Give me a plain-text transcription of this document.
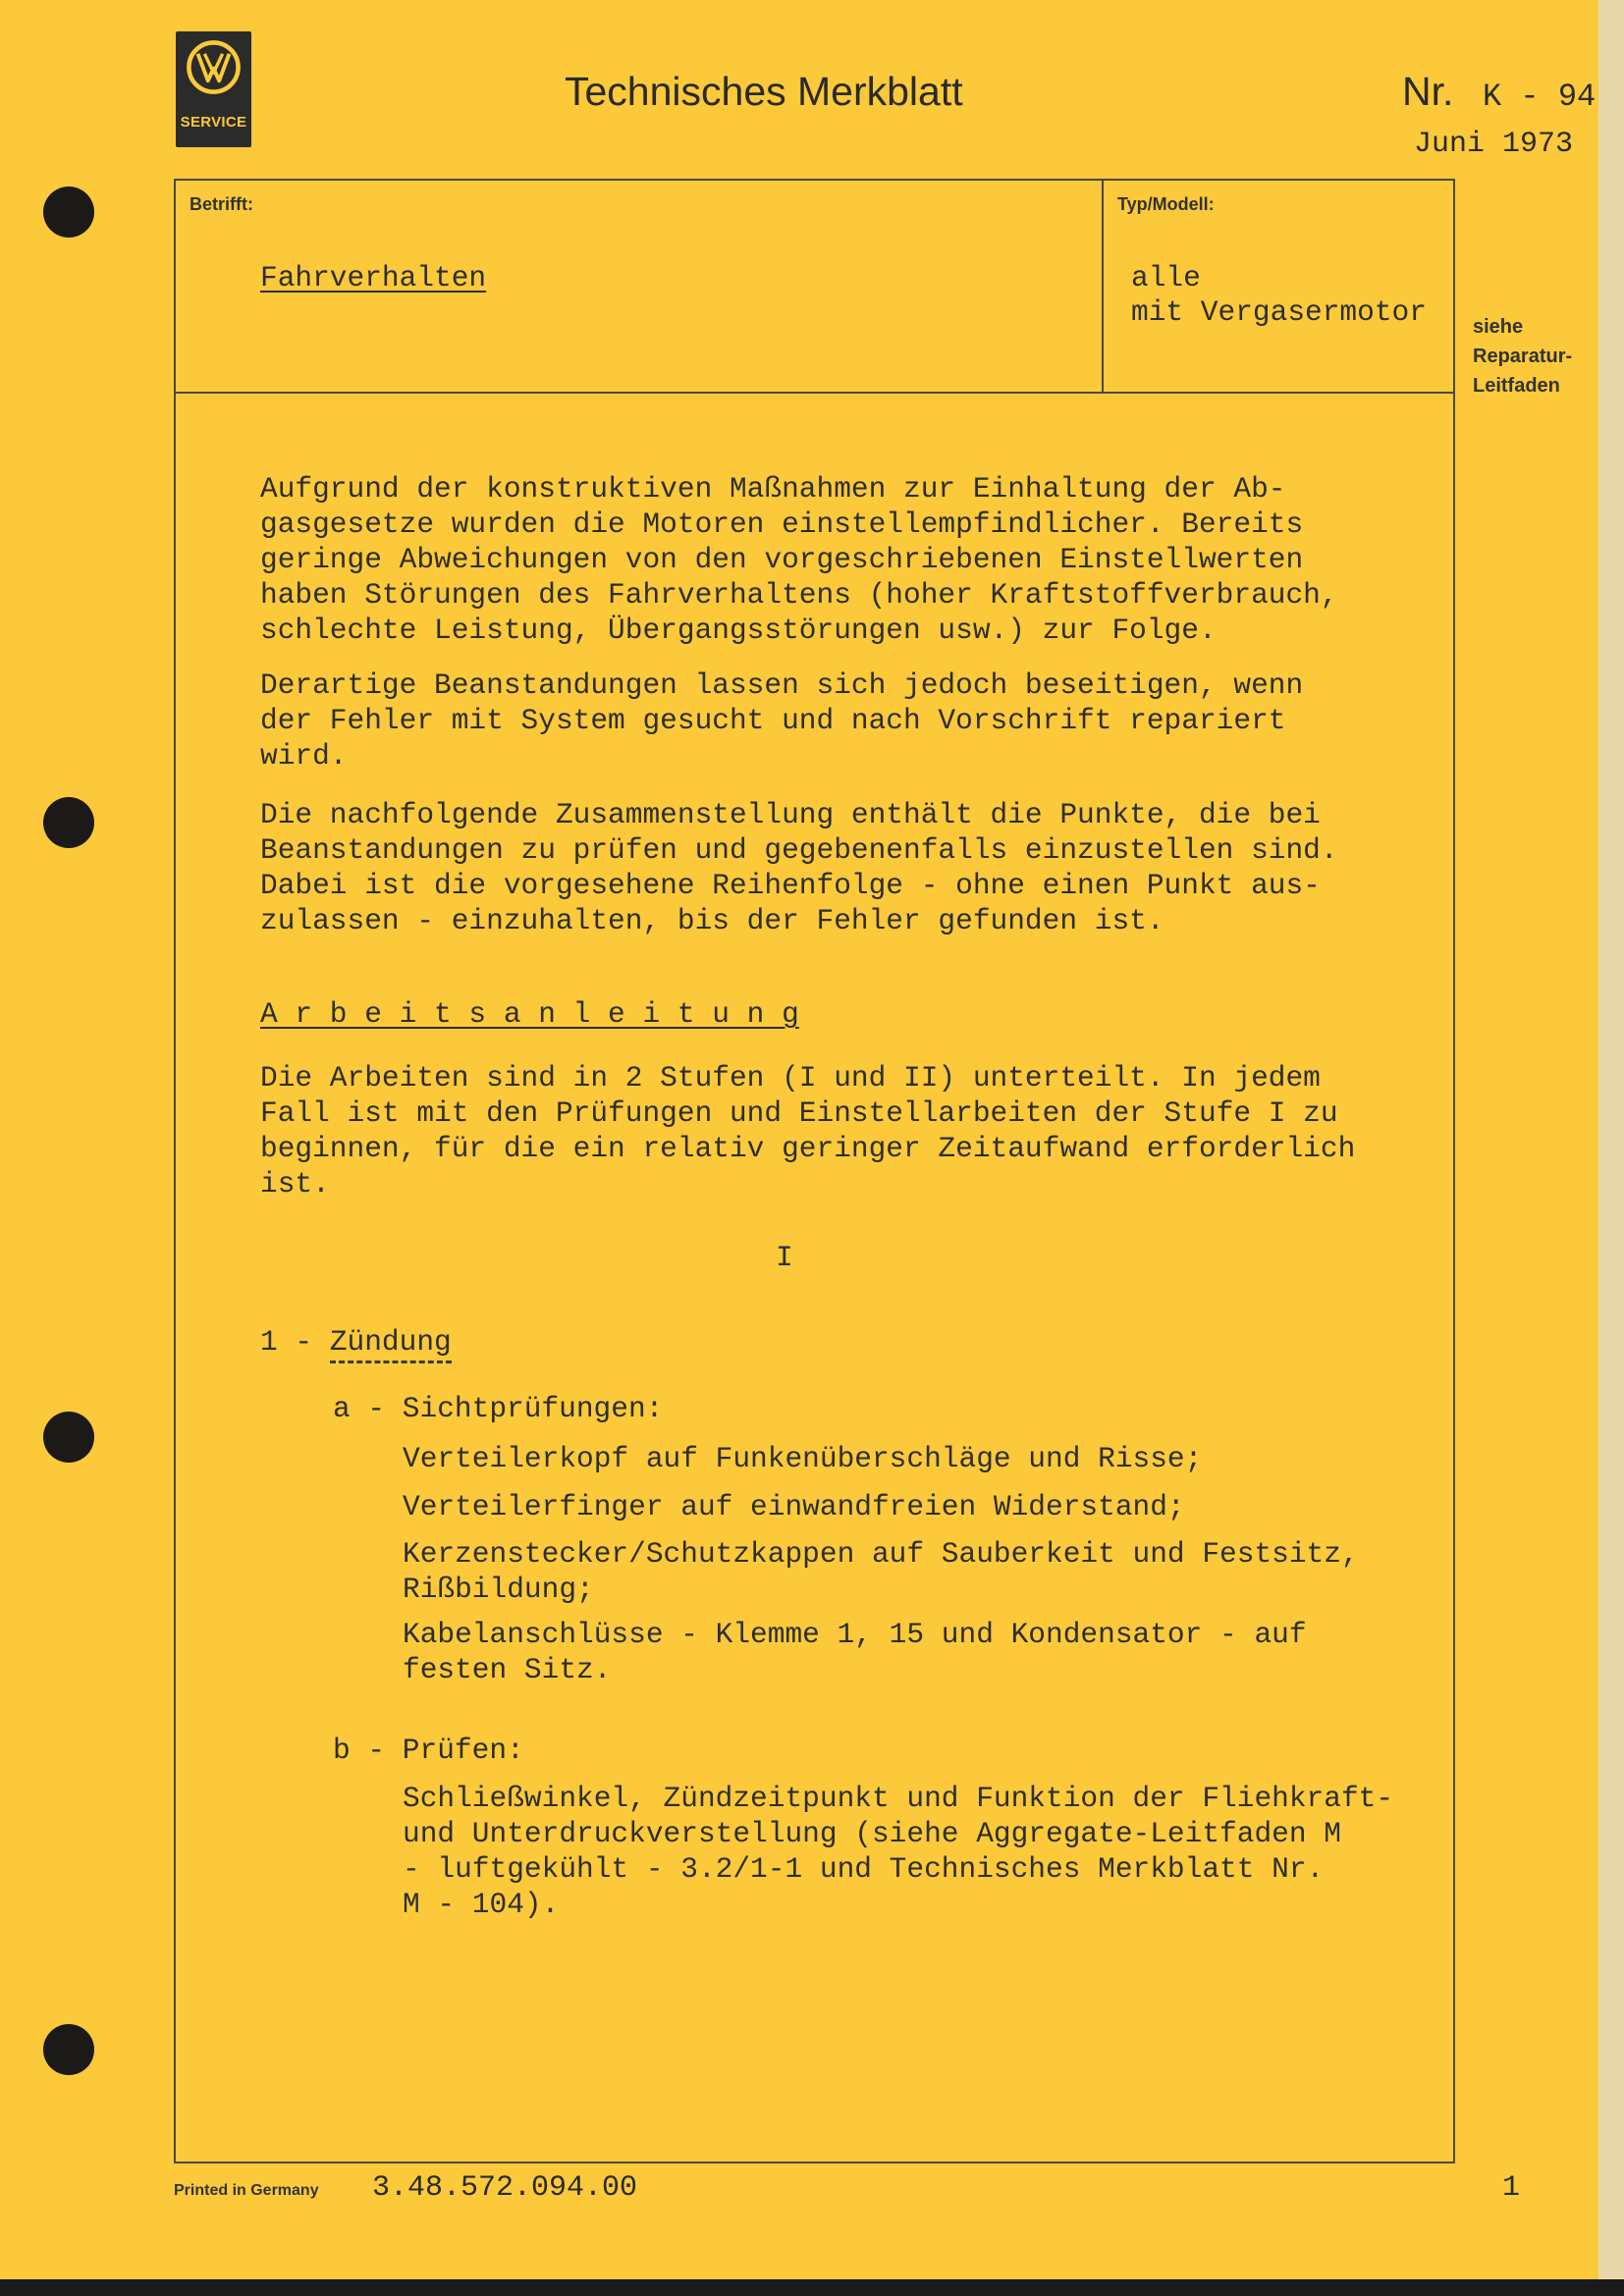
SERVICE
Technisches Merkblatt	Nr. K - 94
Juni 1973
Betrifft:
Fahrverhalten
Typ/Modell:
alle
mit Vergasermotor siehe
Reparatur-
Leitfaden

Aufgrund der konstruktiven Maßnahmen zur Einhaltung der Ab-
gasgesetze wurden die Motoren einstellempfindlicher. Bereits
geringe Abweichungen von den vorgeschriebenen Einstellwerten
haben Störungen des Fahrverhaltens (hoher Kraftstoffverbrauch,
schlechte Leistung, Übergangsstörungen usw.) zur Folge.

Derartige Beanstandungen lassen sich jedoch beseitigen, wenn
der Fehler mit System gesucht und nach Vorschrift repariert
wird.

Die nachfolgende Zusammenstellung enthält die Punkte, die bei
Beanstandungen zu prüfen und gegebenenfalls einzustellen sind.
Dabei ist die vorgesehene Reihenfolge - ohne einen Punkt aus-
zulassen - einzuhalten, bis der Fehler gefunden ist.

A r b e i t s a n l e i t u n g

Die Arbeiten sind in 2 Stufen (I und II) unterteilt. In jedem
Fall ist mit den Prüfungen und Einstellarbeiten der Stufe I zu
beginnen, für die ein relativ geringer Zeitaufwand erforderlich
ist.

I
1 - Zündung
a - Sichtprüfungen:

Verteilerkopf auf Funkenüberschläge und Risse;

Verteilerfinger auf einwandfreien Widerstand;

Kerzenstecker/Schutzkappen auf Sauberkeit und Festsitz,
Rißbildung;

Kabelanschlüsse - Klemme 1, 15 und Kondensator - auf
festen Sitz.

b - Prüfen:

Schließwinkel, Zündzeitpunkt und Funktion der Fliehkraft-
und Unterdruckverstellung (siehe Aggregate-Leitfaden M
- luftgekühlt - 3.2/1-1 und Technisches Merkblatt Nr.
M - 104).

Printed in Germany 3.48.572.094.00	1
